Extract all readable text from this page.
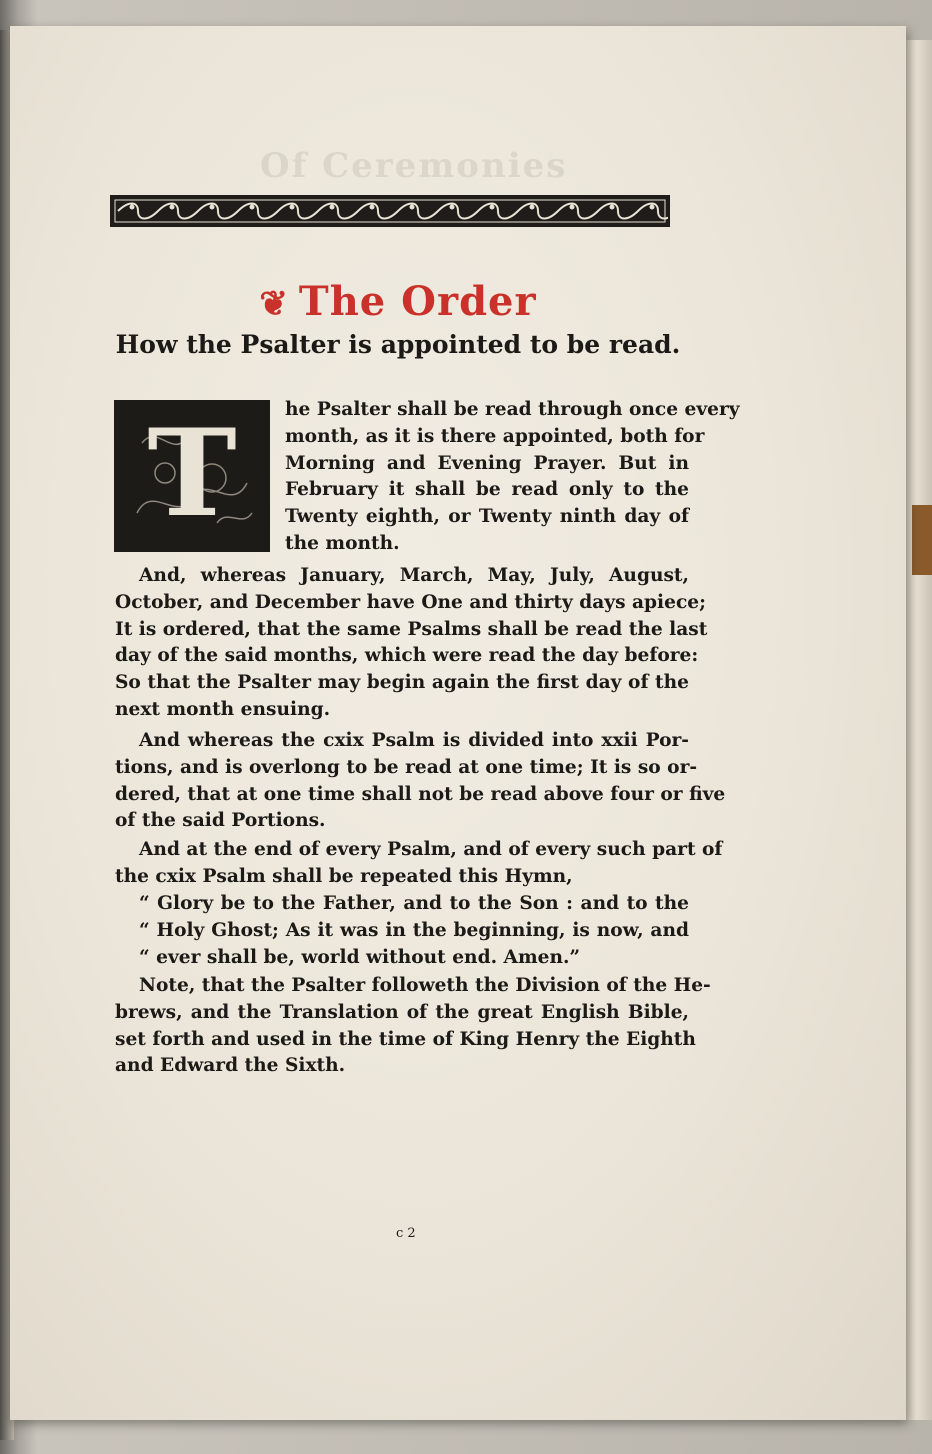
Of Ceremonies
❦ The Order
How the Psalter is appointed to be read.
T	he Psalter shall be read through once every
month, as it is there appointed, both for
Morning and Evening Prayer. But in
February it shall be read only to the
Twenty eighth, or Twenty ninth day of
the month.
And, whereas January, March, May, July, August,
October, and December have One and thirty days apiece;
It is ordered, that the same Psalms shall be read the last
day of the said months, which were read the day before:
So that the Psalter may begin again the first day of the
next month ensuing.
And whereas the cxix Psalm is divided into xxii Por-
tions, and is overlong to be read at one time; It is so or-
dered, that at one time shall not be read above four or five
of the said Portions.
And at the end of every Psalm, and of every such part of
the cxix Psalm shall be repeated this Hymn,
“ Glory be to the Father, and to the Son : and to the
“ Holy Ghost; As it was in the beginning, is now, and
“ ever shall be, world without end. Amen.”
Note, that the Psalter followeth the Division of the He-
brews, and the Translation of the great English Bible,
set forth and used in the time of King Henry the Eighth
and Edward the Sixth.
c 2
